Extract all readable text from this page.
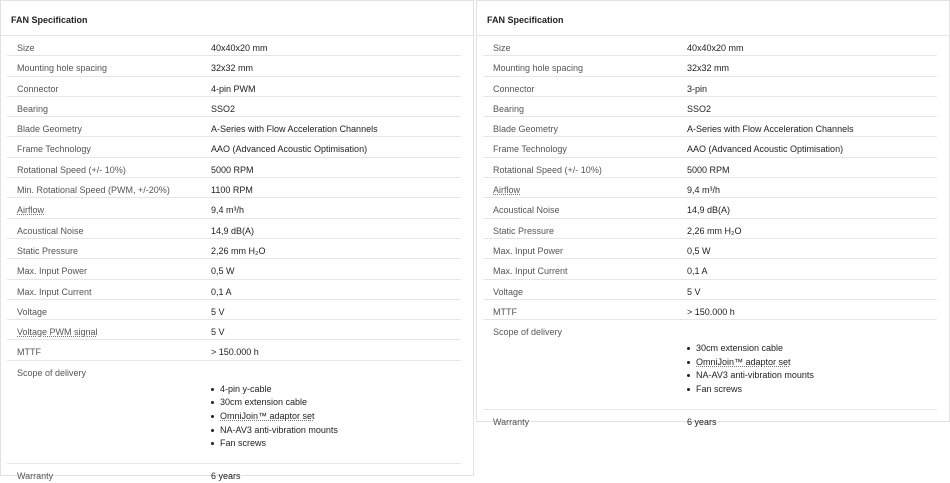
FAN Specification
Size	40x40x20 mm
Mounting hole spacing	32x32 mm
Connector	4-pin PWM
Bearing	SSO2
Blade Geometry	A-Series with Flow Acceleration Channels
Frame Technology	AAO (Advanced Acoustic Optimisation)
Rotational Speed (+/- 10%)	5000 RPM
Min. Rotational Speed (PWM, +/-20%)	1100 RPM
Airflow	9,4 m³/h
Acoustical Noise	14,9 dB(A)
Static Pressure	2,26 mm H₂O
Max. Input Power	0,5 W
Max. Input Current	0,1 A
Voltage	5 V
Voltage PWM signal	5 V
MTTF	> 150.000 h
Scope of delivery
4-pin y-cable
30cm extension cable
OmniJoin™ adaptor set
NA-AV3 anti-vibration mounts
Fan screws
Warranty	6 years
FAN Specification
Size	40x40x20 mm
Mounting hole spacing	32x32 mm
Connector	3-pin
Bearing	SSO2
Blade Geometry	A-Series with Flow Acceleration Channels
Frame Technology	AAO (Advanced Acoustic Optimisation)
Rotational Speed (+/- 10%)	5000 RPM
Airflow	9,4 m³/h
Acoustical Noise	14,9 dB(A)
Static Pressure	2,26 mm H₂O
Max. Input Power	0,5 W
Max. Input Current	0,1 A
Voltage	5 V
MTTF	> 150.000 h
Scope of delivery
30cm extension cable
OmniJoin™ adaptor set
NA-AV3 anti-vibration mounts
Fan screws
Warranty	6 years
